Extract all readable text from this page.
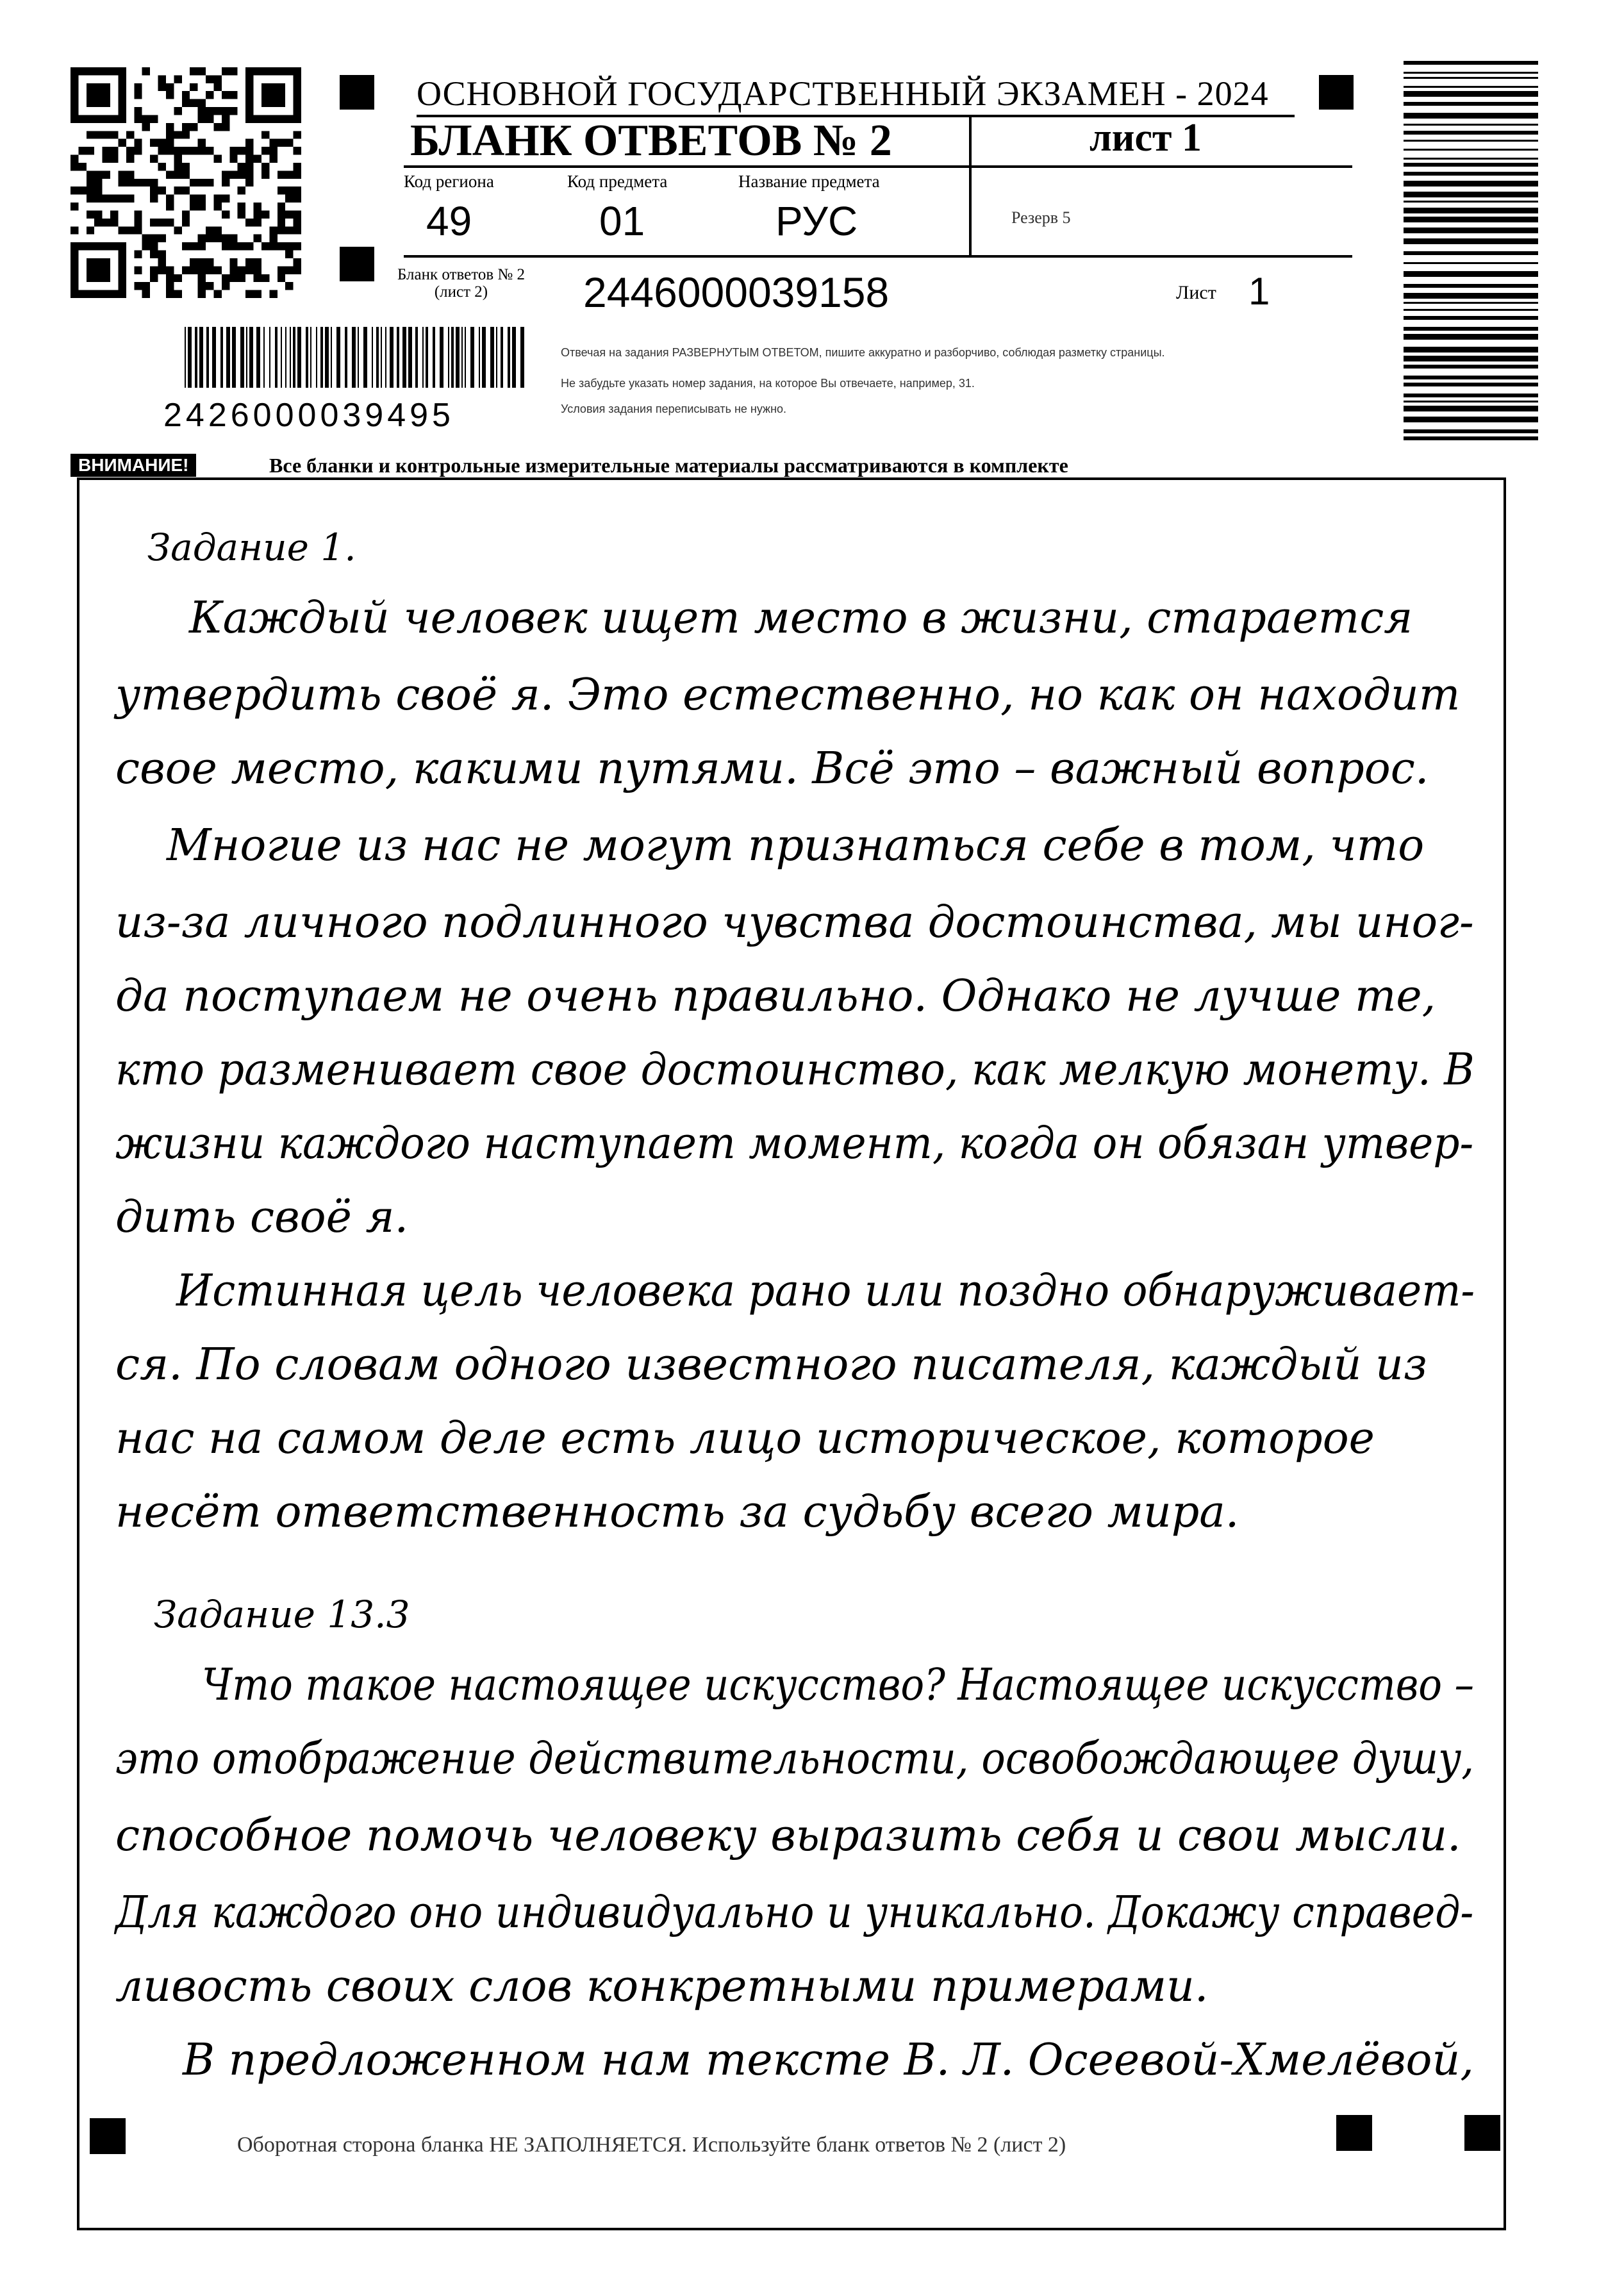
ОСНОВНОЙ ГОСУДАРСТВЕННЫЙ ЭКЗАМЕН - 2024
БЛАНК ОТВЕТОВ № 2	лист 1
Код региона
49
Код предмета
01
Название предмета
РУС	Резерв 5
Бланк ответов № 2
(лист 2)	2446000039158	Лист 1
Отвечая на задания РАЗВЕРНУТЫМ ОТВЕТОМ, пишите аккуратно и разборчиво, соблюдая разметку страницы.
Не забудьте указать номер задания, на которое Вы отвечаете, например, 31.
Условия задания переписывать не нужно.
2426000039495
ВНИМАНИЕ!	Все бланки и контрольные измерительные материалы рассматриваются в комплекте
Задание 1.
Каждый человек ищет место в жизни, старается
утвердить своё я. Это естественно, но как он находит
свое место, какими путями. Всё это – важный вопрос.
Многие из нас не могут признаться себе в том, что
из-за личного подлинного чувства достоинства, мы иног-
да поступаем не очень правильно. Однако не лучше те,
кто разменивает свое достоинство, как мелкую монету. В
жизни каждого наступает момент, когда он обязан утвер-
дить своё я.
Истинная цель человека рано или поздно обнаруживает-
ся. По словам одного известного писателя, каждый из
нас на самом деле есть лицо историческое, которое
несёт ответственность за судьбу всего мира.
Задание 13.3
Что такое настоящее искусство? Настоящее искусство –
это отображение действительности, освобождающее душу,
способное помочь человеку выразить себя и свои мысли.
Для каждого оно индивидуально и уникально. Докажу справед-
ливость своих слов конкретными примерами.
В предложенном нам тексте В. Л. Осеевой-Хмелёвой,
Оборотная сторона бланка НЕ ЗАПОЛНЯЕТСЯ. Используйте бланк ответов № 2 (лист 2)
